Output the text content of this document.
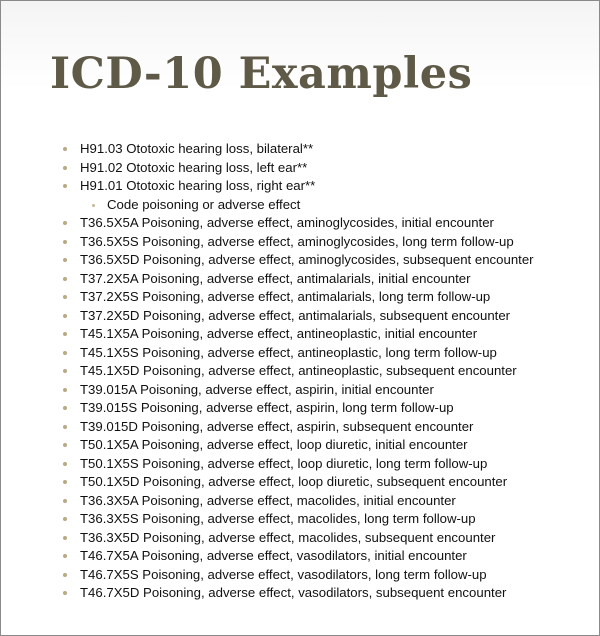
ICD-10 Examples
H91.03 Ototoxic hearing loss, bilateral**
H91.02 Ototoxic hearing loss, left ear**
H91.01 Ototoxic hearing loss, right ear**
Code poisoning or adverse effect
T36.5X5A Poisoning, adverse effect, aminoglycosides, initial encounter
T36.5X5S Poisoning, adverse effect, aminoglycosides, long term follow-up
T36.5X5D Poisoning, adverse effect, aminoglycosides, subsequent encounter
T37.2X5A Poisoning, adverse effect, antimalarials, initial encounter
T37.2X5S Poisoning, adverse effect, antimalarials, long term follow-up
T37.2X5D Poisoning, adverse effect, antimalarials, subsequent encounter
T45.1X5A Poisoning, adverse effect, antineoplastic, initial encounter
T45.1X5S Poisoning, adverse effect, antineoplastic, long term follow-up
T45.1X5D Poisoning, adverse effect, antineoplastic, subsequent encounter
T39.015A Poisoning, adverse effect, aspirin, initial encounter
T39.015S Poisoning, adverse effect, aspirin, long term follow-up
T39.015D Poisoning, adverse effect, aspirin, subsequent encounter
T50.1X5A Poisoning, adverse effect, loop diuretic, initial encounter
T50.1X5S Poisoning, adverse effect, loop diuretic, long term follow-up
T50.1X5D Poisoning, adverse effect, loop diuretic, subsequent encounter
T36.3X5A Poisoning, adverse effect, macolides, initial encounter
T36.3X5S Poisoning, adverse effect, macolides, long term follow-up
T36.3X5D Poisoning, adverse effect, macolides, subsequent encounter
T46.7X5A Poisoning, adverse effect, vasodilators, initial encounter
T46.7X5S Poisoning, adverse effect, vasodilators, long term follow-up
T46.7X5D Poisoning, adverse effect, vasodilators, subsequent encounter
